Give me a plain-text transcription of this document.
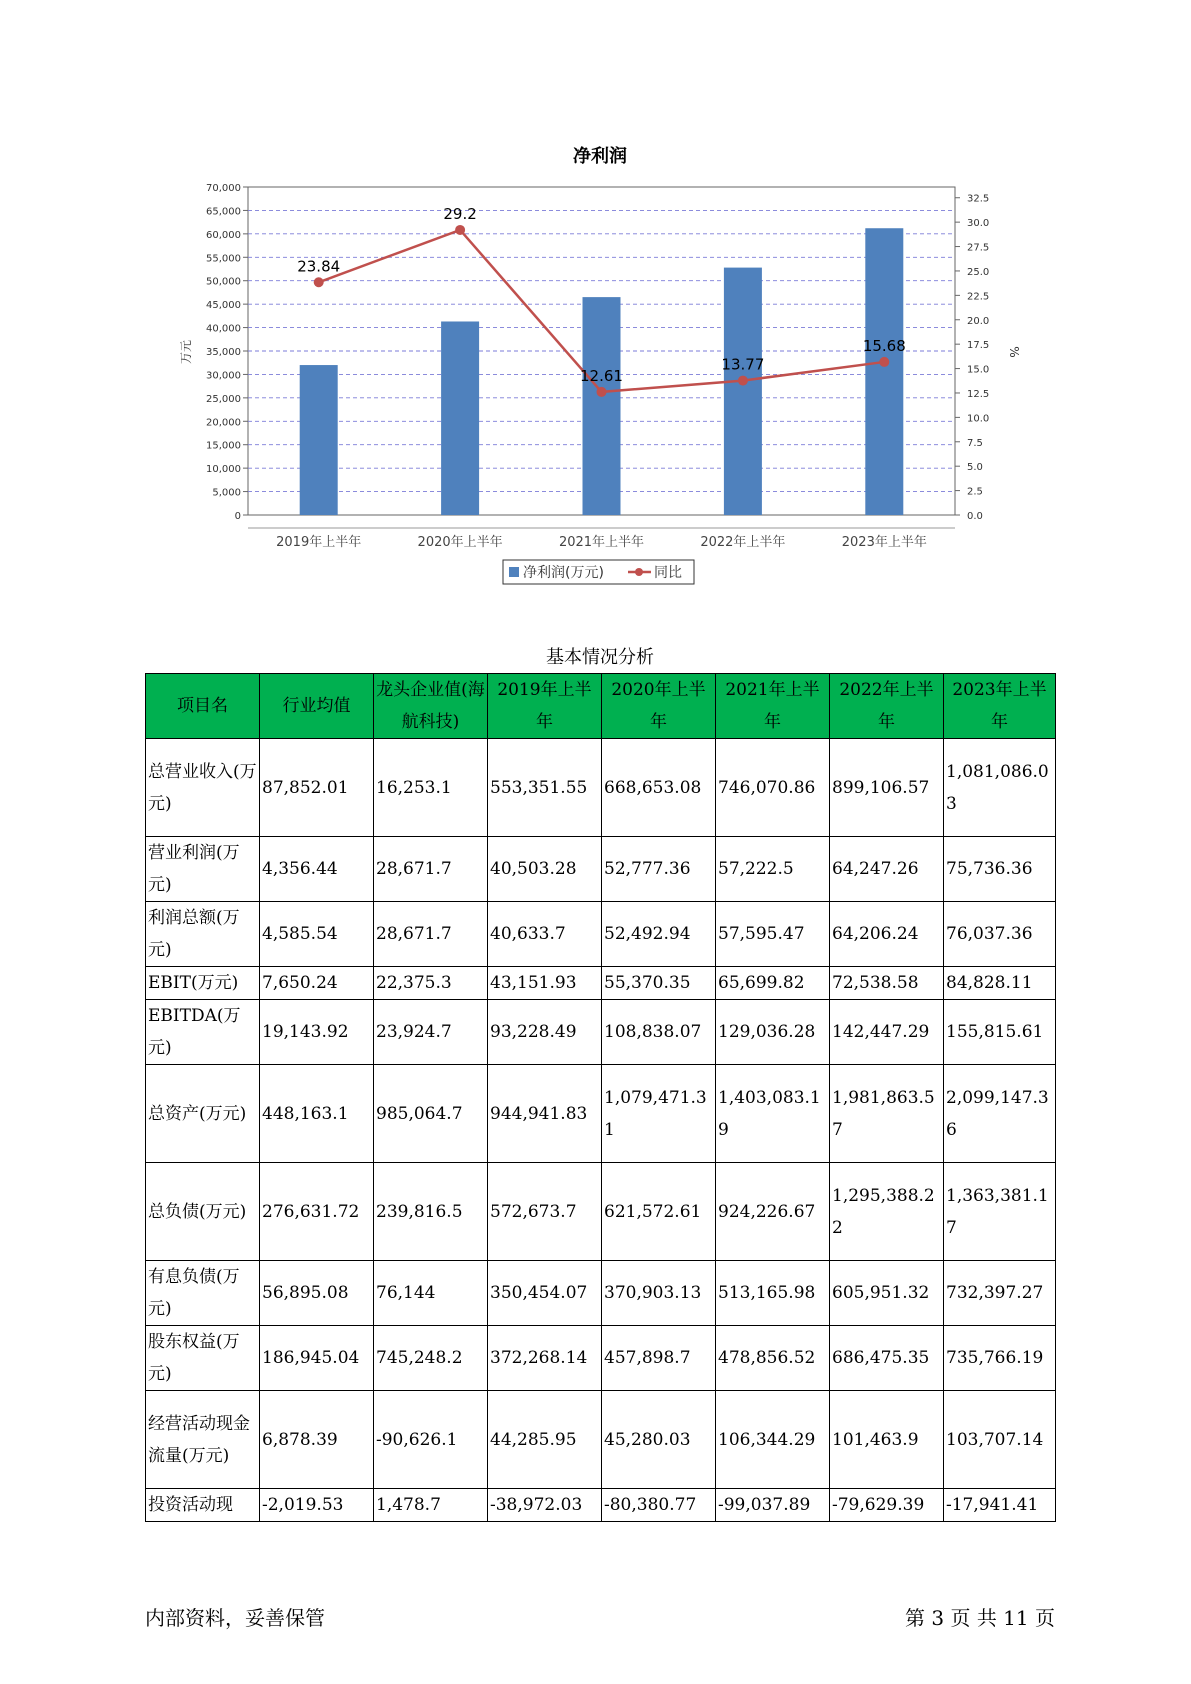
净利润
23.84
29.2
12.61
13.77
15.68
0
5,000
10,000
15,000
20,000
25,000
30,000
35,000
40,000
45,000
50,000
55,000
60,000
65,000
70,000
0.0
2.5
5.0
7.5
10.0
12.5
15.0
17.5
20.0
22.5
25.0
27.5
30.0
32.5
万元	%
2019年上半年	2020年上半年	2021年上半年	2022年上半年	2023年上半年
净利润(万元)	同比
基本情况分析
项目名	行业均值	龙头企业值(海航科技)	2019年上半年	2020年上半年	2021年上半年	2022年上半年	2023年上半年
总营业收入(万元)	87,852.01	16,253.1	553,351.55	668,653.08	746,070.86	899,106.57	1,081,086.03
营业利润(万元)	4,356.44	28,671.7	40,503.28	52,777.36	57,222.5	64,247.26	75,736.36
利润总额(万元)	4,585.54	28,671.7	40,633.7	52,492.94	57,595.47	64,206.24	76,037.36
EBIT(万元)	7,650.24	22,375.3	43,151.93	55,370.35	65,699.82	72,538.58	84,828.11
EBITDA(万元)	19,143.92	23,924.7	93,228.49	108,838.07	129,036.28	142,447.29	155,815.61
总资产(万元)	448,163.1	985,064.7	944,941.83	1,079,471.31	1,403,083.19	1,981,863.57	2,099,147.36
总负债(万元)	276,631.72	239,816.5	572,673.7	621,572.61	924,226.67	1,295,388.22	1,363,381.17
有息负债(万元)	56,895.08	76,144	350,454.07	370,903.13	513,165.98	605,951.32	732,397.27
股东权益(万元)	186,945.04	745,248.2	372,268.14	457,898.7	478,856.52	686,475.35	735,766.19
经营活动现金流量(万元)	6,878.39	-90,626.1	44,285.95	45,280.03	106,344.29	101,463.9	103,707.14
投资活动现	-2,019.53	1,478.7	-38,972.03	-80,380.77	-99,037.89	-79,629.39	-17,941.41
内部资料，妥善保管	第 3 页 共 11 页
